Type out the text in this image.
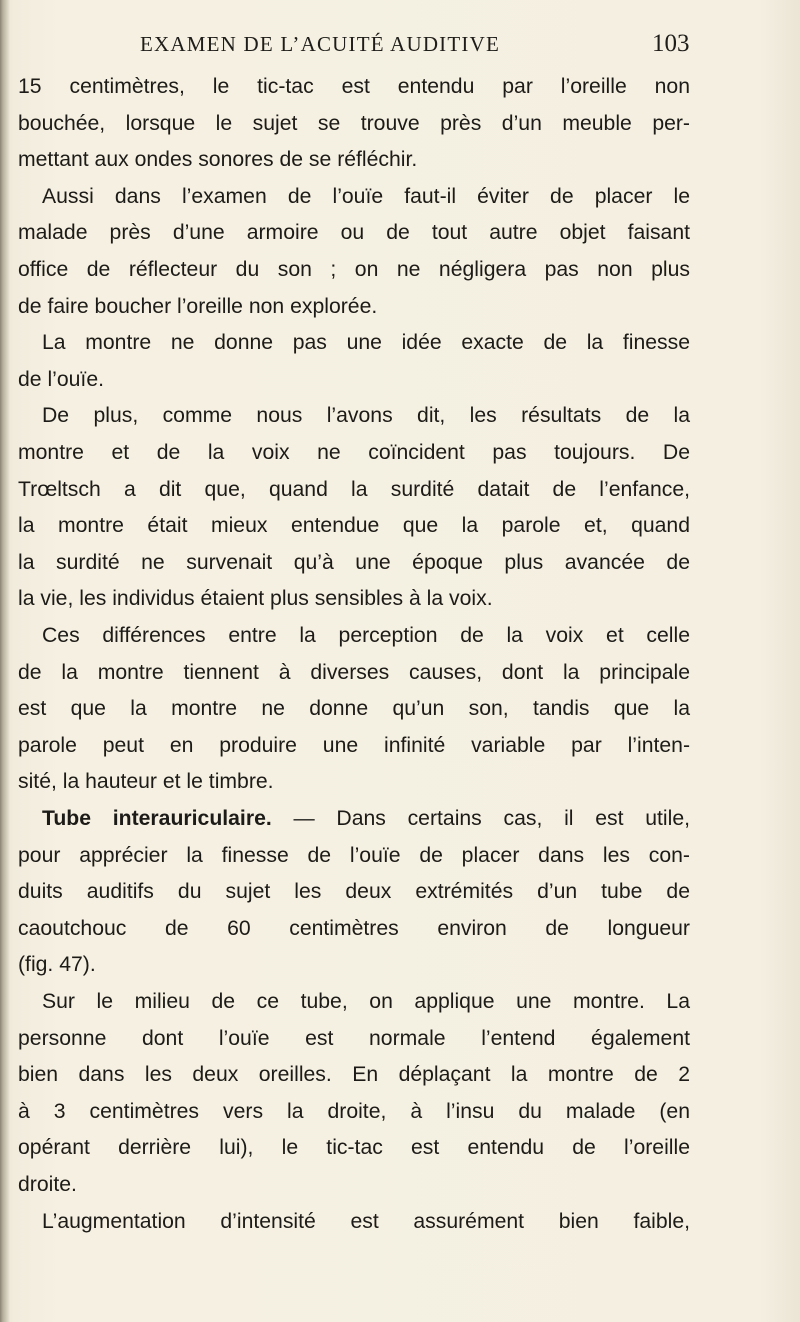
EXAMEN DE L’ACUITÉ AUDITIVE	103
15 centimètres, le tic-tac est entendu par l’oreille non
bouchée, lorsque le sujet se trouve près d’un meuble per-
mettant aux ondes sonores de se réfléchir.
Aussi dans l’examen de l’ouïe faut-il éviter de placer le
malade près d’une armoire ou de tout autre objet faisant
office de réflecteur du son ; on ne négligera pas non plus
de faire boucher l’oreille non explorée.
La montre ne donne pas une idée exacte de la finesse
de l’ouïe.
De plus, comme nous l’avons dit, les résultats de la
montre et de la voix ne coïncident pas toujours. De
Trœltsch a dit que, quand la surdité datait de l’enfance,
la montre était mieux entendue que la parole et, quand
la surdité ne survenait qu’à une époque plus avancée de
la vie, les individus étaient plus sensibles à la voix.
Ces différences entre la perception de la voix et celle
de la montre tiennent à diverses causes, dont la principale
est que la montre ne donne qu’un son, tandis que la
parole peut en produire une infinité variable par l’inten-
sité, la hauteur et le timbre.
Tube interauriculaire. — Dans certains cas, il est utile,
pour apprécier la finesse de l’ouïe de placer dans les con-
duits auditifs du sujet les deux extrémités d’un tube de
caoutchouc de 60 centimètres environ de longueur
(fig. 47).
Sur le milieu de ce tube, on applique une montre. La
personne dont l’ouïe est normale l’entend également
bien dans les deux oreilles. En déplaçant la montre de 2
à 3 centimètres vers la droite, à l’insu du malade (en
opérant derrière lui), le tic-tac est entendu de l’oreille
droite.
L’augmentation d’intensité est assurément bien faible,
